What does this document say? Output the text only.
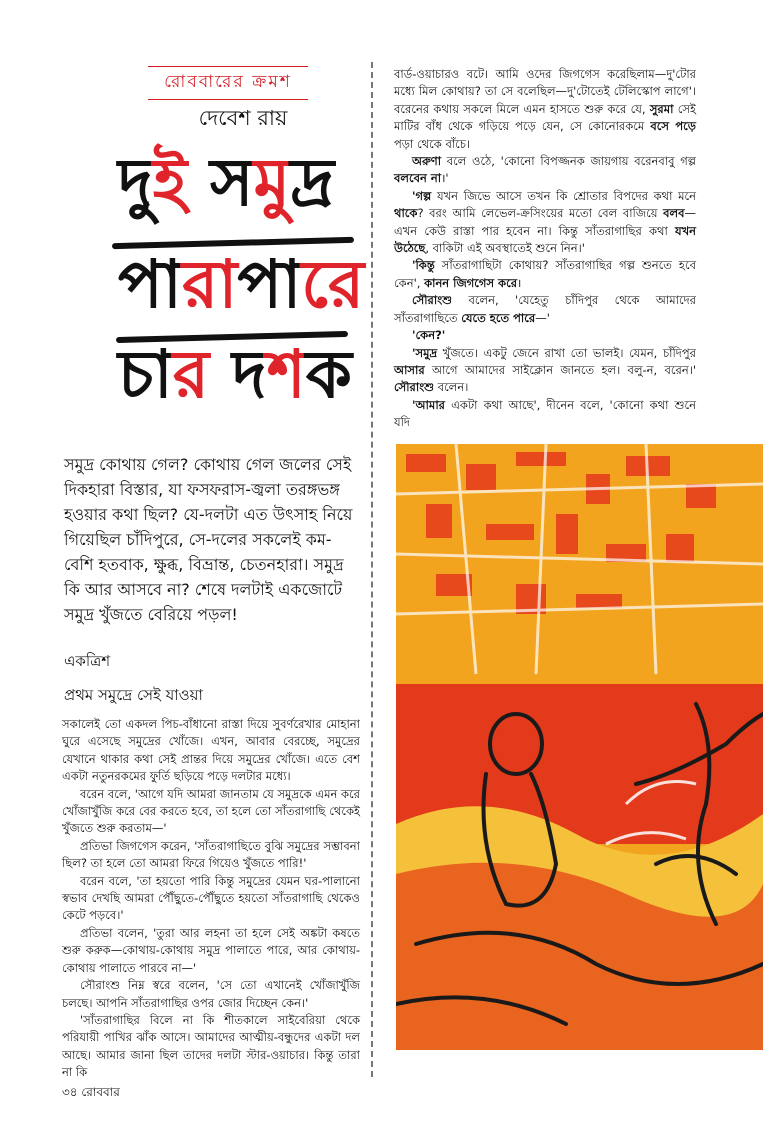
রোববারের ক্রমশ
দেবেশ রায়
দুই সমুদ্র
পারাপারে
চার দশক
সমুদ্র কোথায় গেল? কোথায় গেল জলের সেই দিকহারা বিস্তার, যা ফসফরাস-জ্বলা তরঙ্গভঙ্গ হওয়ার কথা ছিল? যে-দলটা এত উৎসাহ নিয়ে গিয়েছিল চাঁদিপুরে, সে-দলের সকলেই কম-বেশি হতবাক, ক্ষুব্ধ, বিভ্রান্ত, চেতনহারা। সমুদ্র কি আর আসবে না? শেষে দলটাই একজোটে সমুদ্র খুঁজতে বেরিয়ে পড়ল!
একত্রিশ
প্রথম সমুদ্রে সেই যাওয়া

সকালেই তো একদল পিচ-বাঁধানো রাস্তা দিয়ে সুবর্ণরেখার মোহানা ঘুরে এসেছে সমুদ্রের খোঁজে। এখন, আবার বেরচ্ছে, সমুদ্রের যেখানে থাকার কথা সেই প্রান্তর দিয়ে সমুদ্রের খোঁজে। এতে বেশ একটা নতুনরকমের ফুর্তি ছড়িয়ে পড়ে দলটার মধ্যে।

বরেন বলে, 'আগে যদি আমরা জানতাম যে সমুদ্রকে এমন করে খোঁজাখুঁজি করে বের করতে হবে, তা হলে তো সাঁতরাগাছি থেকেই খুঁজতে শুরু করতাম—'

প্রতিভা জিগগেস করেন, 'সাঁতরাগাছিতে বুঝি সমুদ্রের সম্ভাবনা ছিল? তা হলে তো আমরা ফিরে গিয়েও খুঁজতে পারি!'

বরেন বলে, 'তা হয়তো পারি কিন্তু সমুদ্রের যেমন ঘর-পালানো স্বভাব দেখছি আমরা পৌঁছুতে-পৌঁছুতে হয়তো সাঁতরাগাছি থেকেও কেটে পড়বে।'

প্রতিভা বলেন, 'তুরা আর লহনা তা হলে সেই অঙ্কটা কষতে শুরু করুক—কোথায়-কোথায় সমুদ্র পালাতে পারে, আর কোথায়-কোথায় পালাতে পারবে না—'

সৌরাংশু নিম্ন স্বরে বলেন, 'সে তো এখানেই খোঁজাখুঁজি চলছে। আপনি সাঁতরাগাছির ওপর জোর দিচ্ছেন কেন।'

'সাঁতরাগাছির বিলে না কি শীতকালে সাইবেরিয়া থেকে পরিযায়ী পাখির ঝাঁক আসে। আমাদের আত্মীয়-বন্ধুদের একটা দল আছে। আমার জানা ছিল তাদের দলটা স্টার-ওয়াচার। কিন্তু তারা না কি

বার্ড-ওয়াচারও বটে। আমি ওদের জিগগেস করেছিলাম—দু'টোর মধ্যে মিল কোথায়? তা সে বলেছিল—দু'টোতেই টেলিস্কোপ লাগে'। বরেনের কথায় সকলে মিলে এমন হাসতে শুরু করে যে, সুরমা সেই মাটির বাঁধ থেকে গড়িয়ে পড়ে যেন, সে কোনোরকমে বসে পড়ে পড়া থেকে বাঁচে।

অরুণা বলে ওঠে, 'কোনো বিপজ্জনক জায়গায় বরেনবাবু গল্প বলবেন না।'

'গল্প যখন জিভে আসে তখন কি শ্রোতার বিপদের কথা মনে থাকে? বরং আমি লেভেল-ক্রসিংয়ের মতো বেল বাজিয়ে বলব—এখন কেউ রাস্তা পার হবেন না। কিন্তু সাঁতরাগাছির কথা যখন উঠেছে, বাকিটা এই অবস্থাতেই শুনে নিন।'

'কিন্তু সাঁতরাগাছিটা কোথায়? সাঁতরাগাছির গল্প শুনতে হবে কেন', কানন জিগগেস করে।

সৌরাংশু বলেন, 'যেহেতু চাঁদিপুর থেকে আমাদের সাঁতরাগাছিতে যেতে হতে পারে—'

'কেন?'

'সমুদ্র খুঁজতে। একটু জেনে রাখা তো ভালই। যেমন, চাঁদিপুর আসার আগে আমাদের সাইক্লোন জানতে হল। বলু-ন, বরেন।' সৌরাংশু বলেন।

'আমার একটা কথা আছে', দীনেন বলে, 'কোনো কথা শুনে যদি

৩৪ রোববার
